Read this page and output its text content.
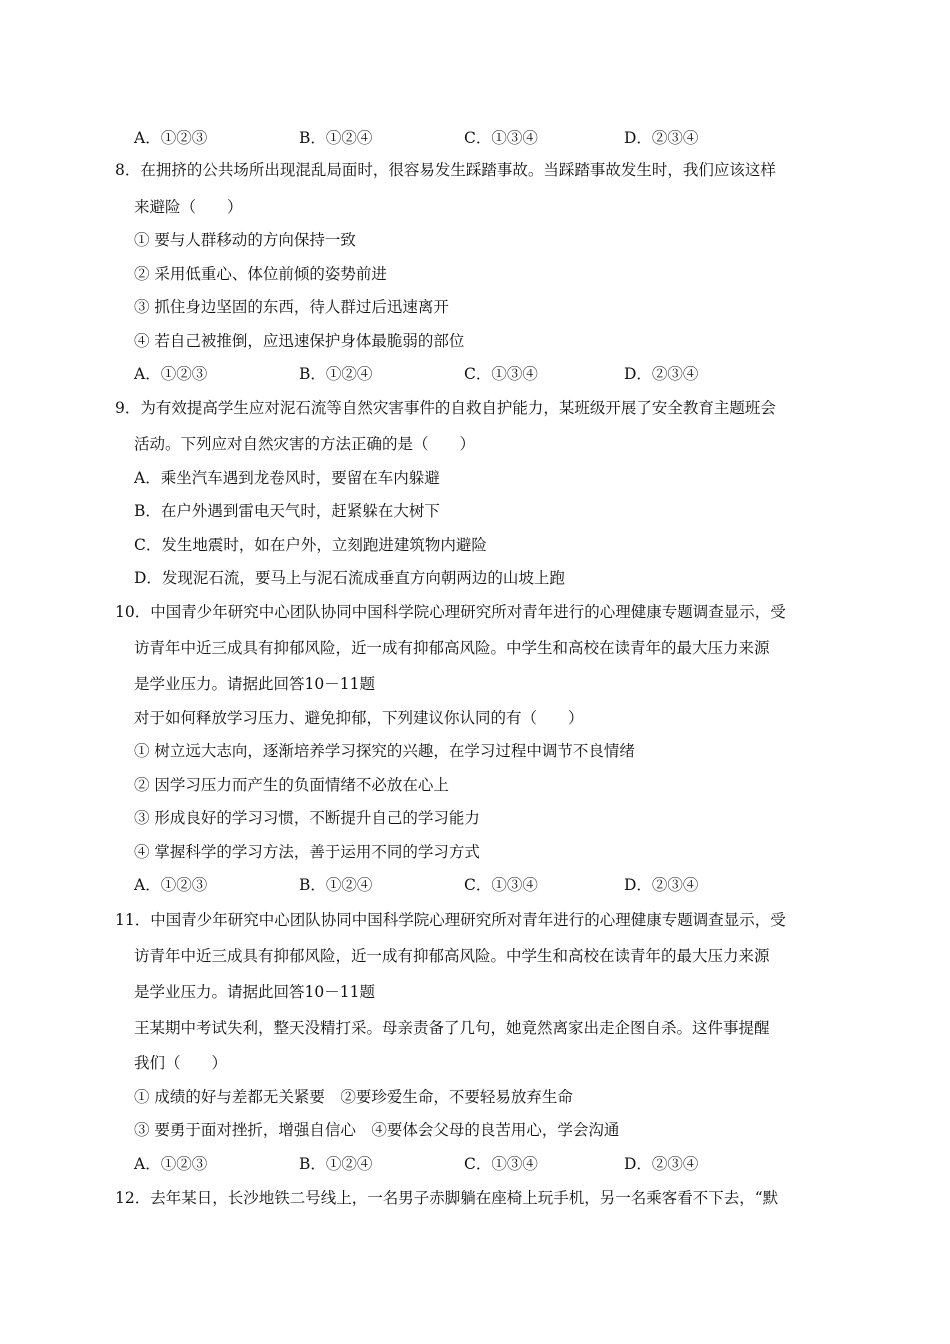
A．①②③	B．①②④	C．①③④	D．②③④
8．在拥挤的公共场所出现混乱局面时，很容易发生踩踏事故。当踩踏事故发生时，我们应该这样
来避险（　　）
① 要与人群移动的方向保持一致
② 采用低重心、体位前倾的姿势前进
③ 抓住身边坚固的东西，待人群过后迅速离开
④ 若自己被推倒，应迅速保护身体最脆弱的部位
A．①②③	B．①②④	C．①③④	D．②③④
9．为有效提高学生应对泥石流等自然灾害事件的自救自护能力，某班级开展了安全教育主题班会
活动。下列应对自然灾害的方法正确的是（　　）
A．乘坐汽车遇到龙卷风时，要留在车内躲避
B．在户外遇到雷电天气时，赶紧躲在大树下
C．发生地震时，如在户外，立刻跑进建筑物内避险
D．发现泥石流，要马上与泥石流成垂直方向朝两边的山坡上跑
10．中国青少年研究中心团队协同中国科学院心理研究所对青年进行的心理健康专题调查显示，受
访青年中近三成具有抑郁风险，近一成有抑郁高风险。中学生和高校在读青年的最大压力来源
是学业压力。请据此回答10－11题
对于如何释放学习压力、避免抑郁，下列建议你认同的有（　　）
① 树立远大志向，逐渐培养学习探究的兴趣，在学习过程中调节不良情绪
② 因学习压力而产生的负面情绪不必放在心上
③ 形成良好的学习习惯，不断提升自己的学习能力
④ 掌握科学的学习方法，善于运用不同的学习方式
A．①②③	B．①②④	C．①③④	D．②③④
11．中国青少年研究中心团队协同中国科学院心理研究所对青年进行的心理健康专题调查显示，受
访青年中近三成具有抑郁风险，近一成有抑郁高风险。中学生和高校在读青年的最大压力来源
是学业压力。请据此回答10－11题
王某期中考试失利，整天没精打采。母亲责备了几句，她竟然离家出走企图自杀。这件事提醒
我们（　　）
① 成绩的好与差都无关紧要　②要珍爱生命，不要轻易放弃生命
③ 要勇于面对挫折，增强自信心　④要体会父母的良苦用心，学会沟通
A．①②③	B．①②④	C．①③④	D．②③④
12．去年某日，长沙地铁二号线上，一名男子赤脚躺在座椅上玩手机，另一名乘客看不下去，“默
